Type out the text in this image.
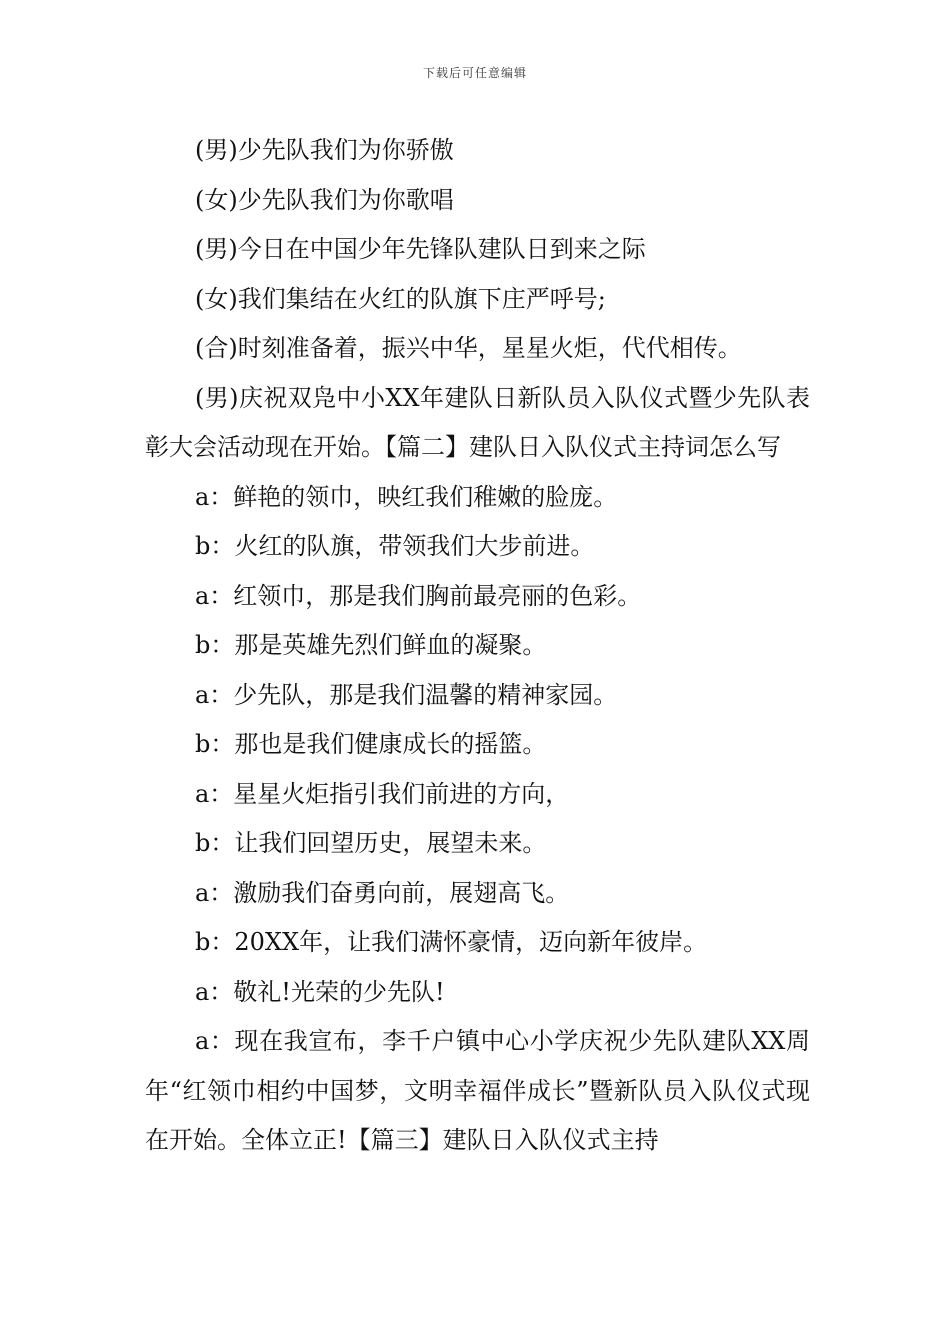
下载后可任意编辑

(男)少先队我们为你骄傲

(女)少先队我们为你歌唱

(男)今日在中国少年先锋队建队日到来之际

(女)我们集结在火红的队旗下庄严呼号;

(合)时刻准备着，振兴中华，星星火炬，代代相传。

(男)庆祝双凫中小XX年建队日新队员入队仪式暨少先队表彰大会活动现在开始。【篇二】建队日入队仪式主持词怎么写

a：鲜艳的领巾，映红我们稚嫩的脸庞。

b：火红的队旗，带领我们大步前进。

a：红领巾，那是我们胸前最亮丽的色彩。

b：那是英雄先烈们鲜血的凝聚。

a：少先队，那是我们温馨的精神家园。

b：那也是我们健康成长的摇篮。

a：星星火炬指引我们前进的方向，

b：让我们回望历史，展望未来。

a：激励我们奋勇向前，展翅高飞。

b：20XX年，让我们满怀豪情，迈向新年彼岸。

a：敬礼!光荣的少先队!

a：现在我宣布，李千户镇中心小学庆祝少先队建队XX周年“红领巾相约中国梦，文明幸福伴成长”暨新队员入队仪式现在开始。全体立正!【篇三】建队日入队仪式主持
